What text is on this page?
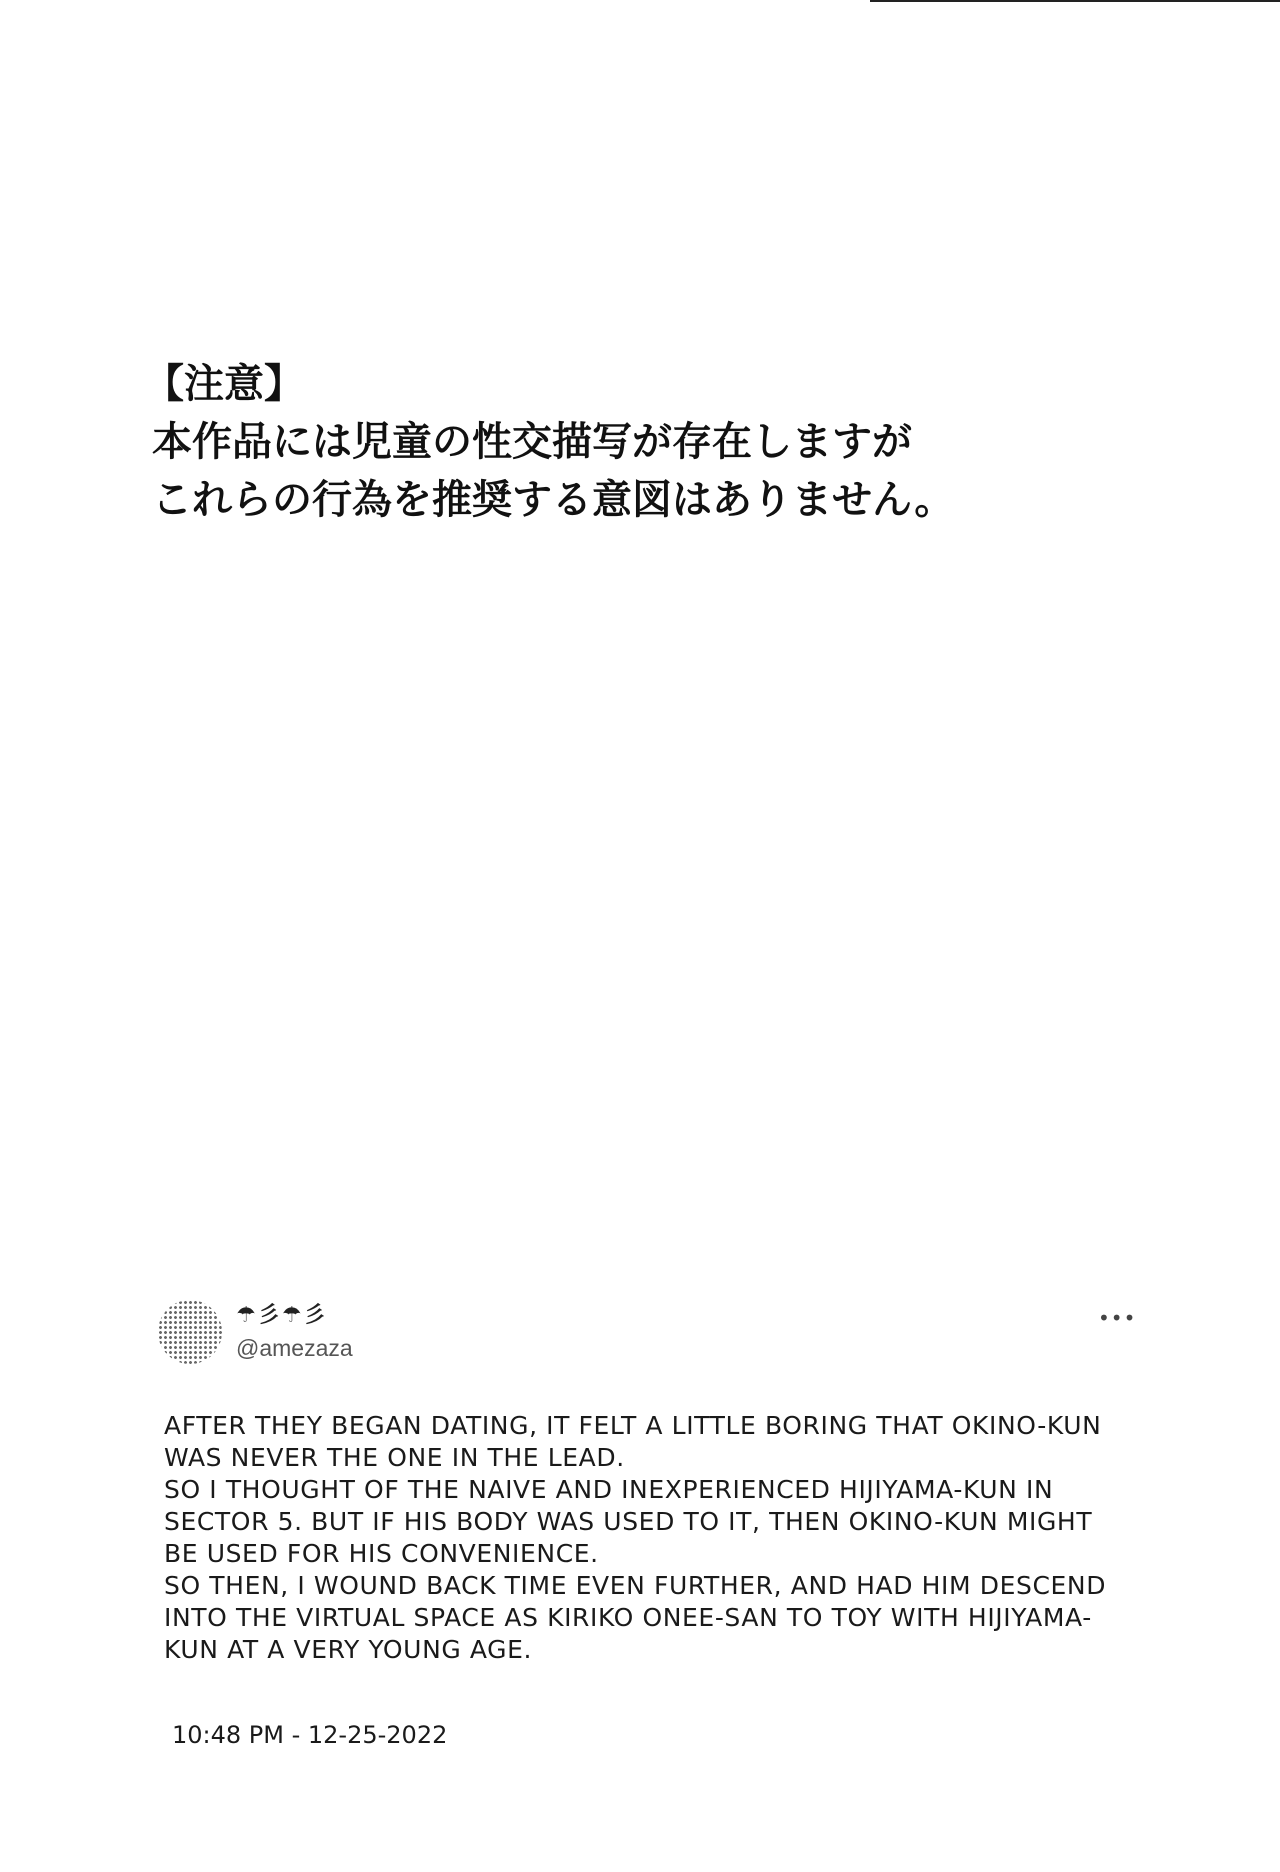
【注意】
本作品には児童の性交描写が存在しますが
これらの行為を推奨する意図はありません。
☂彡☂彡
@amezaza
•••
AFTER THEY BEGAN DATING, IT FELT A LITTLE BORING THAT OKINO-KUN
WAS NEVER THE ONE IN THE LEAD.
SO I THOUGHT OF THE NAIVE AND INEXPERIENCED HIJIYAMA-KUN IN
SECTOR 5. BUT IF HIS BODY WAS USED TO IT, THEN OKINO-KUN MIGHT
BE USED FOR HIS CONVENIENCE.
SO THEN, I WOUND BACK TIME EVEN FURTHER, AND HAD HIM DESCEND
INTO THE VIRTUAL SPACE AS KIRIKO ONEE-SAN TO TOY WITH HIJIYAMA-
KUN AT A VERY YOUNG AGE.
10:48 PM - 12-25-2022
